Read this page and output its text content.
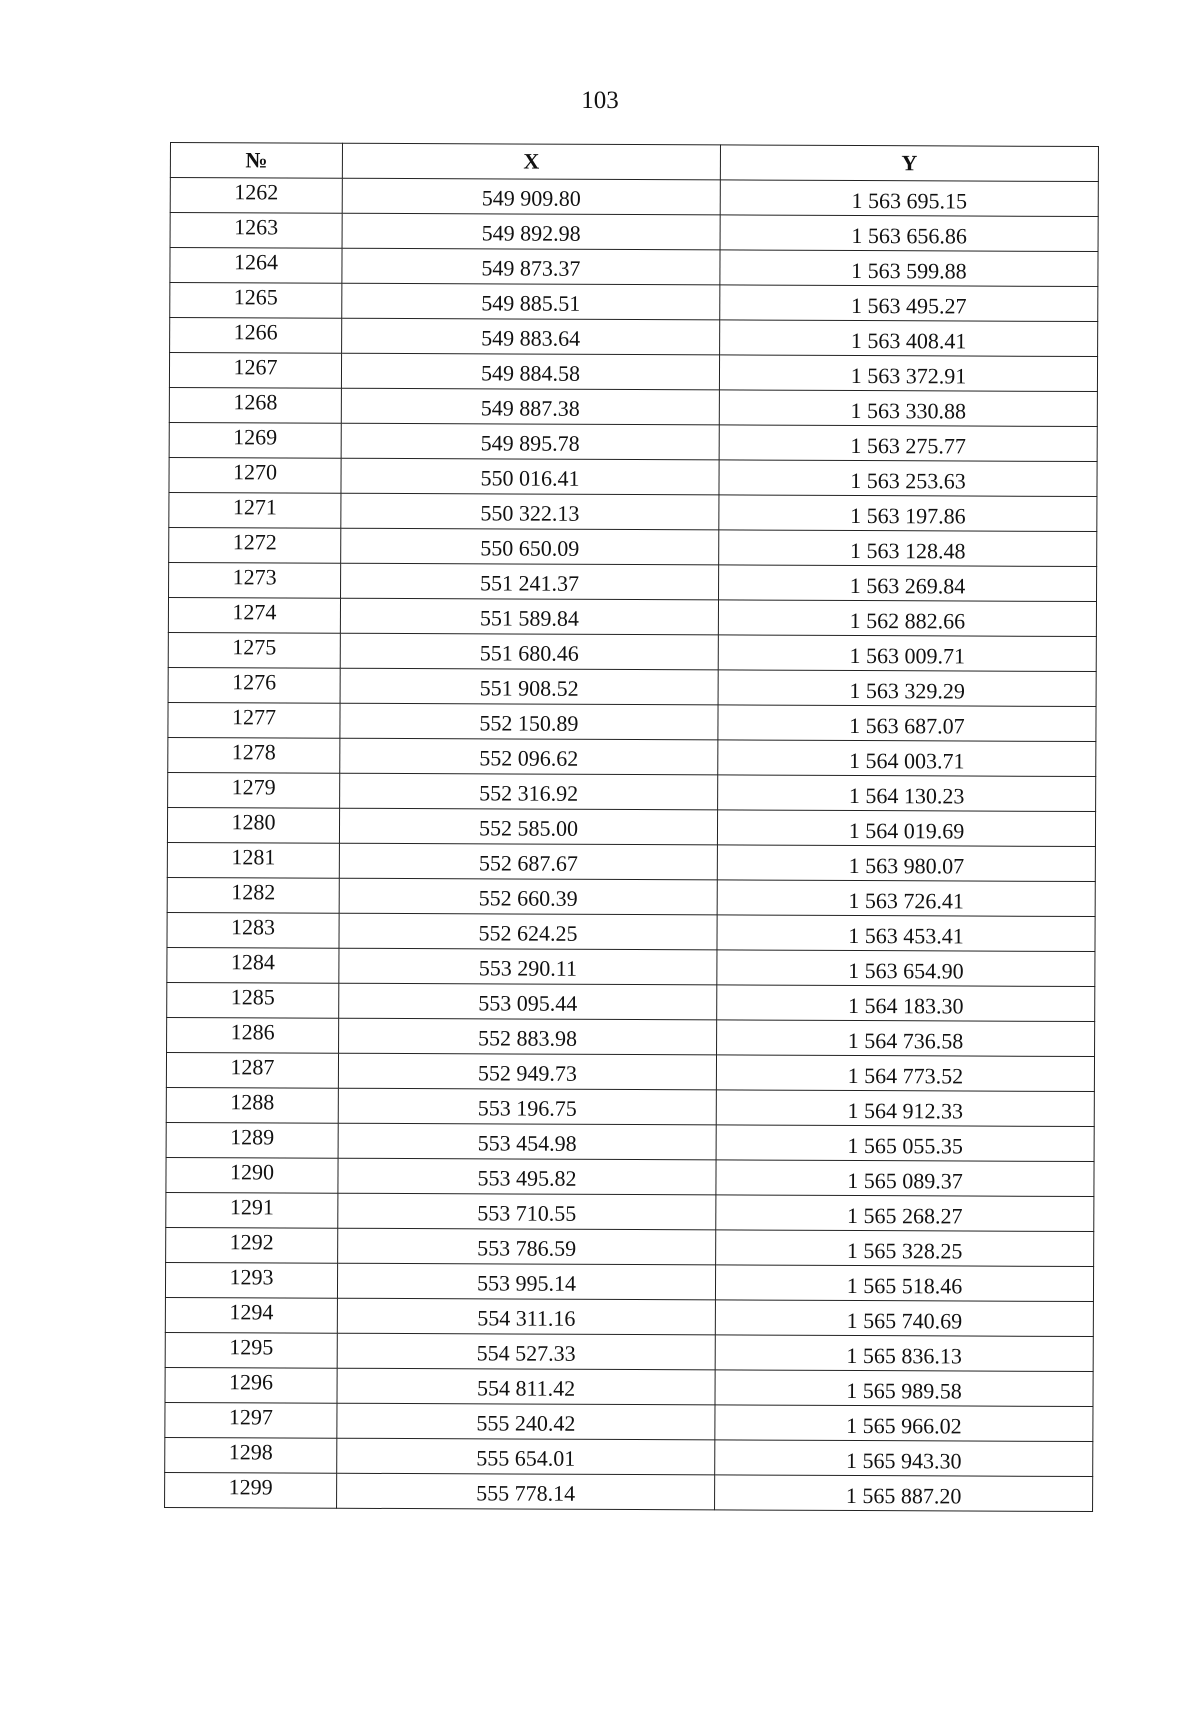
103
№	X	Y
1262	549 909.80	1 563 695.15
1263	549 892.98	1 563 656.86
1264	549 873.37	1 563 599.88
1265	549 885.51	1 563 495.27
1266	549 883.64	1 563 408.41
1267	549 884.58	1 563 372.91
1268	549 887.38	1 563 330.88
1269	549 895.78	1 563 275.77
1270	550 016.41	1 563 253.63
1271	550 322.13	1 563 197.86
1272	550 650.09	1 563 128.48
1273	551 241.37	1 563 269.84
1274	551 589.84	1 562 882.66
1275	551 680.46	1 563 009.71
1276	551 908.52	1 563 329.29
1277	552 150.89	1 563 687.07
1278	552 096.62	1 564 003.71
1279	552 316.92	1 564 130.23
1280	552 585.00	1 564 019.69
1281	552 687.67	1 563 980.07
1282	552 660.39	1 563 726.41
1283	552 624.25	1 563 453.41
1284	553 290.11	1 563 654.90
1285	553 095.44	1 564 183.30
1286	552 883.98	1 564 736.58
1287	552 949.73	1 564 773.52
1288	553 196.75	1 564 912.33
1289	553 454.98	1 565 055.35
1290	553 495.82	1 565 089.37
1291	553 710.55	1 565 268.27
1292	553 786.59	1 565 328.25
1293	553 995.14	1 565 518.46
1294	554 311.16	1 565 740.69
1295	554 527.33	1 565 836.13
1296	554 811.42	1 565 989.58
1297	555 240.42	1 565 966.02
1298	555 654.01	1 565 943.30
1299	555 778.14	1 565 887.20
